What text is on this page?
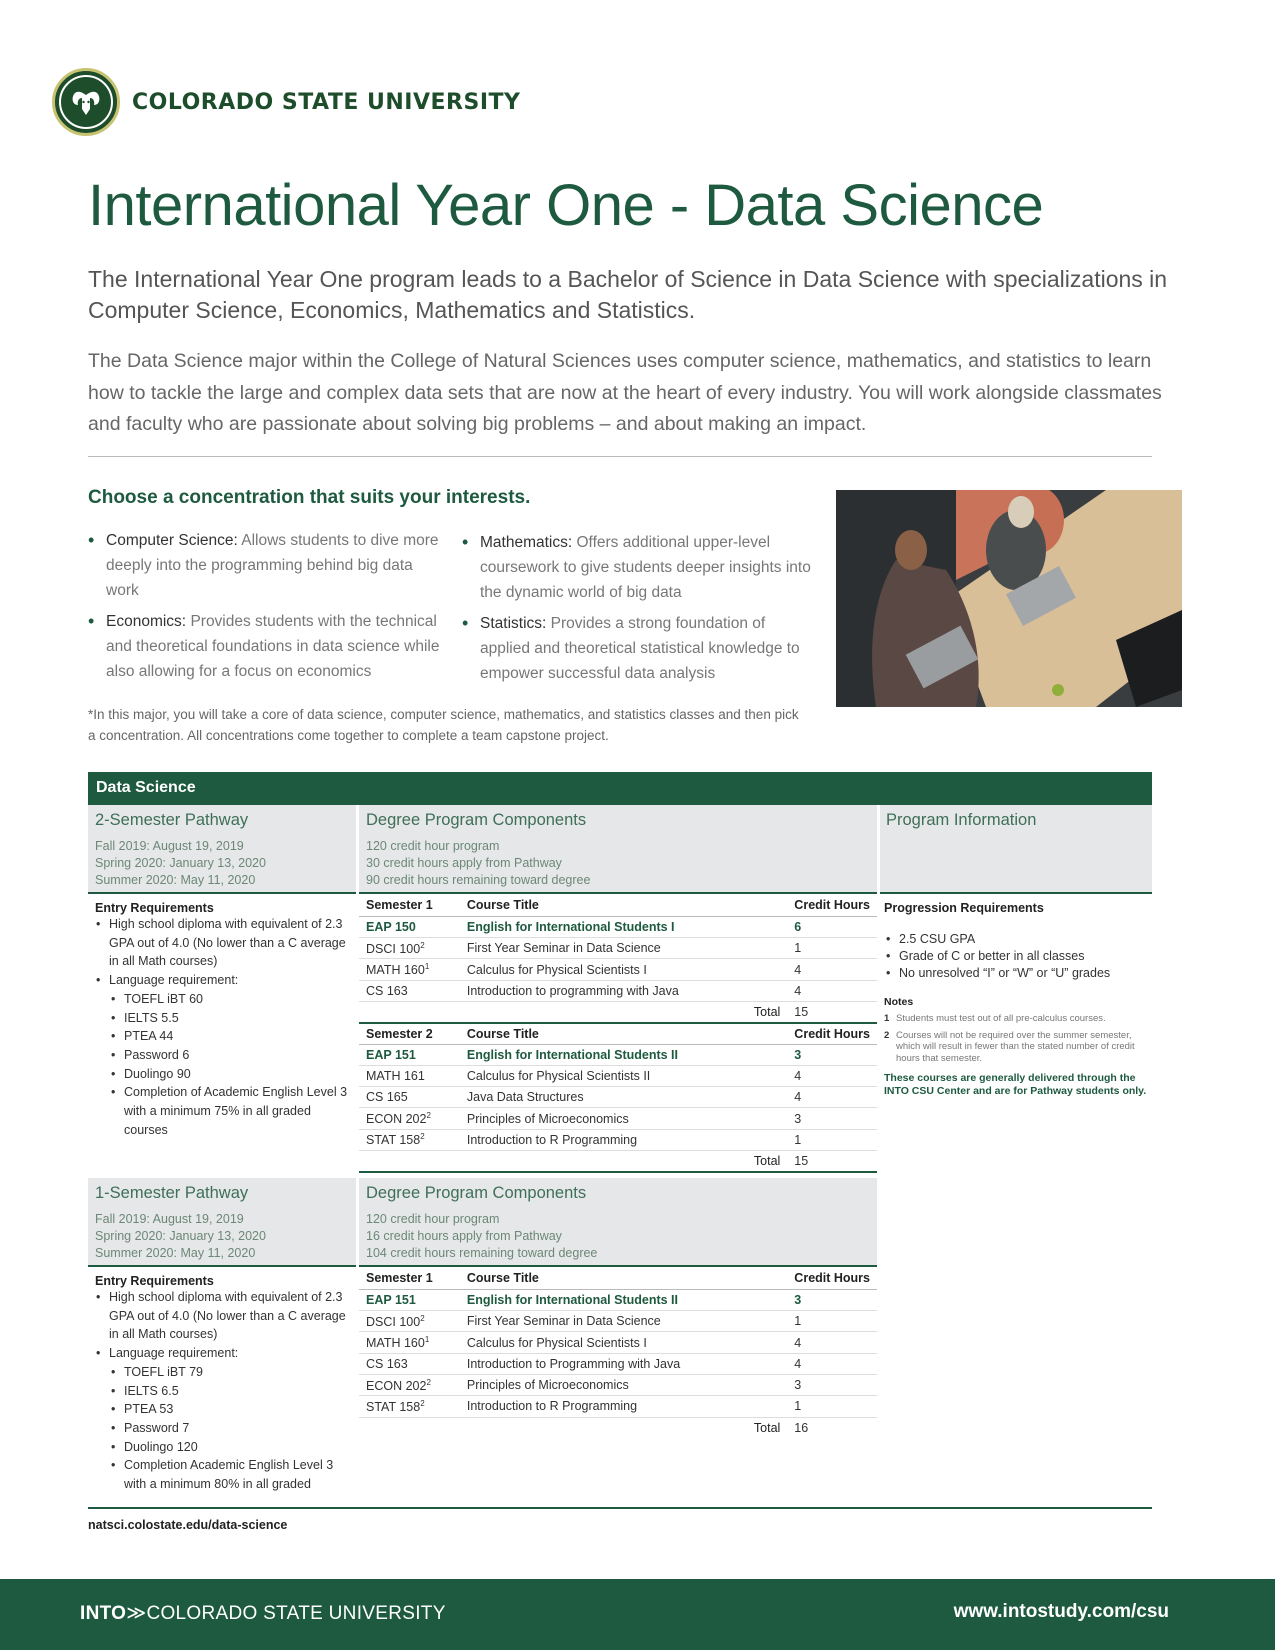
COLORADO STATE UNIVERSITY
International Year One - Data Science

The International Year One program leads to a Bachelor of Science in Data Science with specializations in Computer Science, Economics, Mathematics and Statistics.

The Data Science major within the College of Natural Sciences uses computer science, mathematics, and statistics to learn how to tackle the large and complex data sets that are now at the heart of every industry. You will work alongside classmates and faculty who are passionate about solving big problems – and about making an impact.

Choose a concentration that suits your interests.
• Computer Science: Allows students to dive more deeply into the programming behind big data work
• Economics: Provides students with the technical and theoretical foundations in data science while also allowing for a focus on economics
• Mathematics: Offers additional upper-level coursework to give students deeper insights into the dynamic world of big data
• Statistics: Provides a strong foundation of applied and theoretical statistical knowledge to empower successful data analysis

*In this major, you will take a core of data science, computer science, mathematics, and statistics classes and then pick a concentration. All concentrations come together to complete a team capstone project.

Data Science
2-Semester Pathway
Fall 2019: August 19, 2019
Spring 2020: January 13, 2020
Summer 2020: May 11, 2020
Degree Program Components
120 credit hour program
30 credit hours apply from Pathway
90 credit hours remaining toward degree
Program Information
Entry Requirements
• High school diploma with equivalent of 2.3 GPA out of 4.0 (No lower than a C average in all Math courses)
• Language requirement:
• TOEFL iBT 60
• IELTS 5.5
• PTEA 44
• Password 6
• Duolingo 90
• Completion of Academic English Level 3 with a minimum 75% in all graded courses
Semester 1	Course Title	Credit Hours
EAP 150	English for International Students I	6
DSCI $100^2$	First Year Seminar in Data Science	1
MATH $160^1$	Calculus for Physical Scientists I	4
CS 163	Introduction to programming with Java	4
	Total	15
Semester 2	Course Title	Credit Hours
EAP 151	English for International Students II	3
MATH 161	Calculus for Physical Scientists II	4
CS 165	Java Data Structures	4
ECON $202^2$	Principles of Microeconomics	3
STAT $158^2$	Introduction to R Programming	1
	Total	15
Progression Requirements
• 2.5 CSU GPA
• Grade of C or better in all classes
• No unresolved “I” or “W” or “U” grades
Notes
1 Students must test out of all pre-calculus courses.
2 Courses will not be required over the summer semester, which will result in fewer than the stated number of credit hours that semester.
These courses are generally delivered through the INTO CSU Center and are for Pathway students only.
1-Semester Pathway
Fall 2019: August 19, 2019
Spring 2020: January 13, 2020
Summer 2020: May 11, 2020
Degree Program Components
120 credit hour program
16 credit hours apply from Pathway
104 credit hours remaining toward degree
Entry Requirements
• High school diploma with equivalent of 2.3 GPA out of 4.0 (No lower than a C average in all Math courses)
• Language requirement:
• TOEFL iBT 79
• IELTS 6.5
• PTEA 53
• Password 7
• Duolingo 120
• Completion Academic English Level 3 with a minimum 80% in all graded
Semester 1	Course Title	Credit Hours
EAP 151	English for International Students II	3
DSCI $100^2$	First Year Seminar in Data Science	1
MATH $160^1$	Calculus for Physical Scientists I	4
CS 163	Introduction to Programming with Java	4
ECON $202^2$	Principles of Microeconomics	3
STAT $158^2$	Introduction to R Programming	1
	Total	16
natsci.colostate.edu/data-science
INTO≫COLORADO STATE UNIVERSITY	www.intostudy.com/csu
